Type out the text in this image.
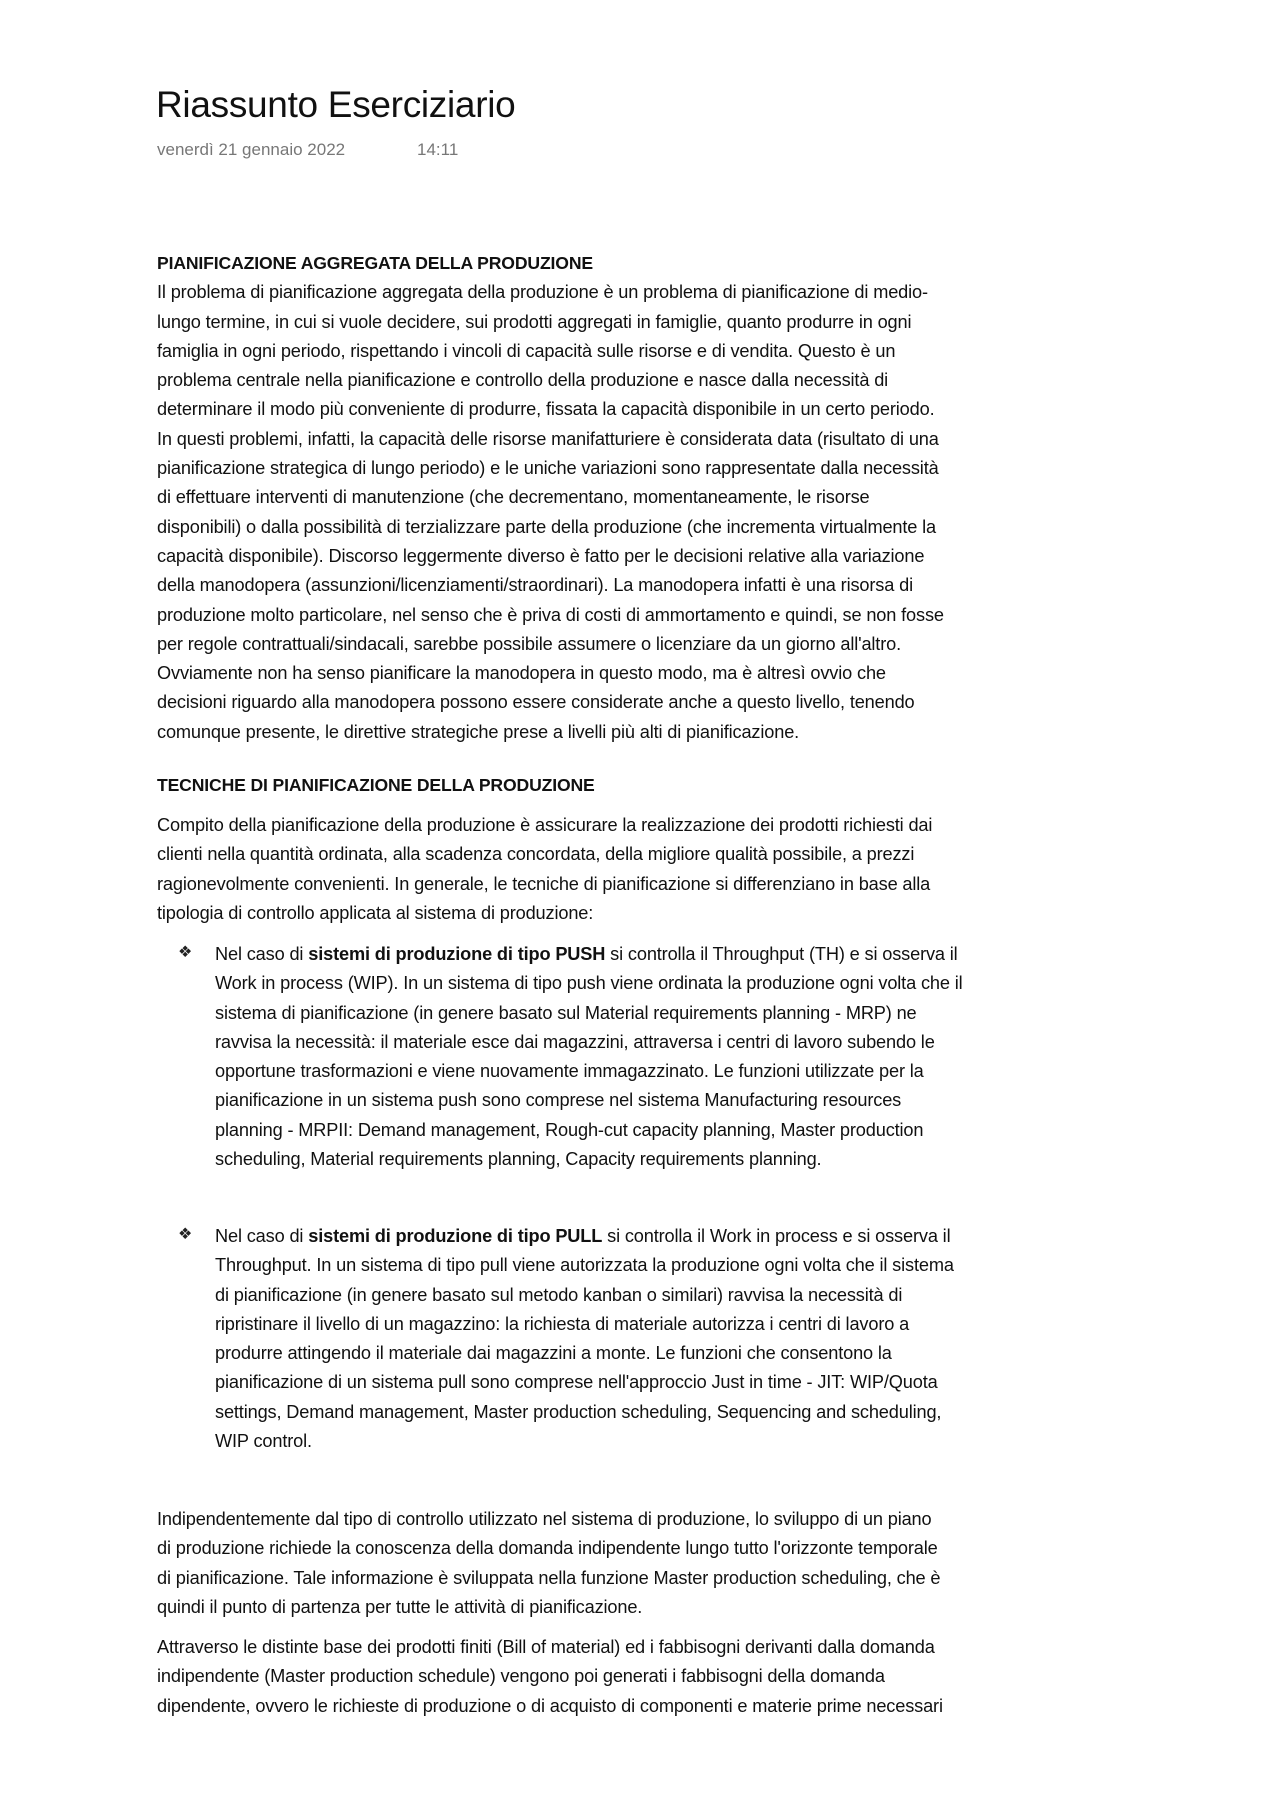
Riassunto Eserciziario
venerdì 21 gennaio 2022	14:11
PIANIFICAZIONE AGGREGATA DELLA PRODUZIONE
Il problema di pianificazione aggregata della produzione è un problema di pianificazione di medio-
lungo termine, in cui si vuole decidere, sui prodotti aggregati in famiglie, quanto produrre in ogni
famiglia in ogni periodo, rispettando i vincoli di capacità sulle risorse e di vendita. Questo è un
problema centrale nella pianificazione e controllo della produzione e nasce dalla necessità di
determinare il modo più conveniente di produrre, fissata la capacità disponibile in un certo periodo.
In questi problemi, infatti, la capacità delle risorse manifatturiere è considerata data (risultato di una
pianificazione strategica di lungo periodo) e le uniche variazioni sono rappresentate dalla necessità
di effettuare interventi di manutenzione (che decrementano, momentaneamente, le risorse
disponibili) o dalla possibilità di terzializzare parte della produzione (che incrementa virtualmente la
capacità disponibile). Discorso leggermente diverso è fatto per le decisioni relative alla variazione
della manodopera (assunzioni/licenziamenti/straordinari). La manodopera infatti è una risorsa di
produzione molto particolare, nel senso che è priva di costi di ammortamento e quindi, se non fosse
per regole contrattuali/sindacali, sarebbe possibile assumere o licenziare da un giorno all'altro.
Ovviamente non ha senso pianificare la manodopera in questo modo, ma è altresì ovvio che
decisioni riguardo alla manodopera possono essere considerate anche a questo livello, tenendo
comunque presente, le direttive strategiche prese a livelli più alti di pianificazione.
TECNICHE DI PIANIFICAZIONE DELLA PRODUZIONE
Compito della pianificazione della produzione è assicurare la realizzazione dei prodotti richiesti dai
clienti nella quantità ordinata, alla scadenza concordata, della migliore qualità possibile, a prezzi
ragionevolmente convenienti. In generale, le tecniche di pianificazione si differenziano in base alla
tipologia di controllo applicata al sistema di produzione:
❖ Nel caso di sistemi di produzione di tipo PUSH si controlla il Throughput (TH) e si osserva il
Work in process (WIP). In un sistema di tipo push viene ordinata la produzione ogni volta che il
sistema di pianificazione (in genere basato sul Material requirements planning - MRP) ne
ravvisa la necessità: il materiale esce dai magazzini, attraversa i centri di lavoro subendo le
opportune trasformazioni e viene nuovamente immagazzinato. Le funzioni utilizzate per la
pianificazione in un sistema push sono comprese nel sistema Manufacturing resources
planning - MRPII: Demand management, Rough-cut capacity planning, Master production
scheduling, Material requirements planning, Capacity requirements planning.
❖ Nel caso di sistemi di produzione di tipo PULL si controlla il Work in process e si osserva il
Throughput. In un sistema di tipo pull viene autorizzata la produzione ogni volta che il sistema
di pianificazione (in genere basato sul metodo kanban o similari) ravvisa la necessità di
ripristinare il livello di un magazzino: la richiesta di materiale autorizza i centri di lavoro a
produrre attingendo il materiale dai magazzini a monte. Le funzioni che consentono la
pianificazione di un sistema pull sono comprese nell'approccio Just in time - JIT: WIP/Quota
settings, Demand management, Master production scheduling, Sequencing and scheduling,
WIP control.
Indipendentemente dal tipo di controllo utilizzato nel sistema di produzione, lo sviluppo di un piano
di produzione richiede la conoscenza della domanda indipendente lungo tutto l'orizzonte temporale
di pianificazione. Tale informazione è sviluppata nella funzione Master production scheduling, che è
quindi il punto di partenza per tutte le attività di pianificazione.
Attraverso le distinte base dei prodotti finiti (Bill of material) ed i fabbisogni derivanti dalla domanda
indipendente (Master production schedule) vengono poi generati i fabbisogni della domanda
dipendente, ovvero le richieste di produzione o di acquisto di componenti e materie prime necessari
